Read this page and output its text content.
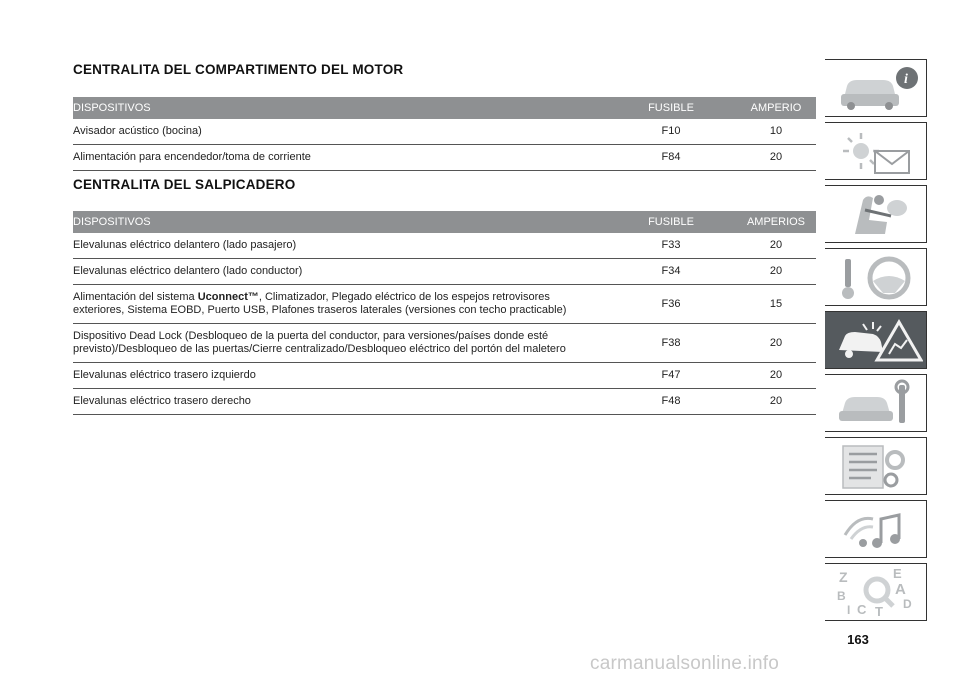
CENTRALITA DEL COMPARTIMENTO DEL MOTOR
DISPOSITIVOS	FUSIBLE	AMPERIO
Avisador acústico (bocina)	F10	10
Alimentación para encendedor/toma de corriente	F84	20
CENTRALITA DEL SALPICADERO
DISPOSITIVOS	FUSIBLE	AMPERIOS
Elevalunas eléctrico delantero (lado pasajero)	F33	20
Elevalunas eléctrico delantero (lado conductor)	F34	20
Alimentación del sistema Uconnect™, Climatizador, Plegado eléctrico de los espejos retrovisores exteriores, Sistema EOBD, Puerto USB, Plafones traseros laterales (versiones con techo practicable)	F36	15
Dispositivo Dead Lock (Desbloqueo de la puerta del conductor, para versiones/países donde esté previsto)/Desbloqueo de las puertas/Cierre centralizado/Desbloqueo eléctrico del portón del maletero	F38	20
Elevalunas eléctrico trasero izquierdo	F47	20
Elevalunas eléctrico trasero derecho	F48	20
i
Z	E
A
B
C	D
T
I
163
carmanualsonline.info
